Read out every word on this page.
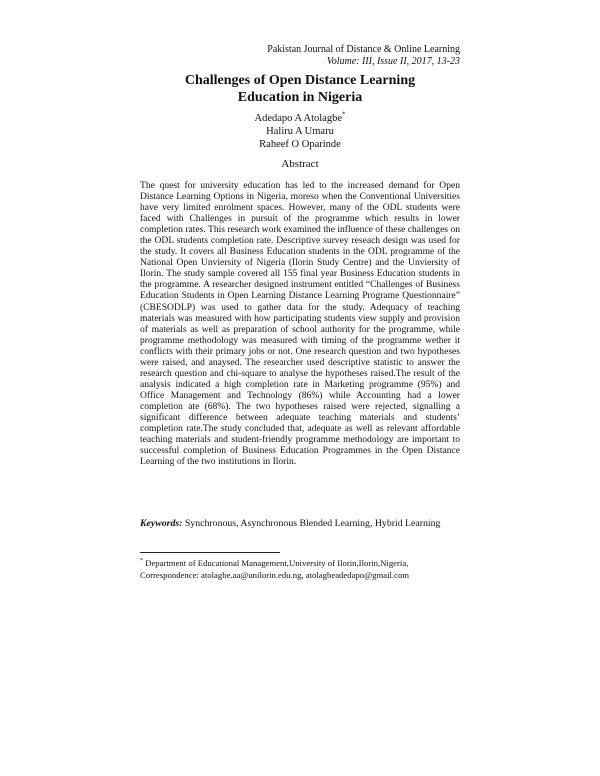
Pakistan Journal of Distance & Online Learning
Volume: III, Issue II, 2017, 13-23
Challenges of Open Distance Learning
Education in Nigeria
Adedapo A Atolagbe*
Haliru A Umaru
Raheef O Oparinde
Abstract

The quest for university education has led to the increased demand for Open Distance Learning Options in Nigeria, moreso when the Conventional Universities have very limited enrolment spaces. However, many of the ODL students were faced with Challenges in pursuit of the programme which results in lower completion rates. This research work examined the influence of these challenges on the ODL students completion rate. Descriptive survey reseach design was used for the study. It covers all Business Education students in the ODL programme of the National Open Unviersity of Nigeria (Ilorin Study Centre) and the Unviersity of Ilorin. The study sample covered all 155 final year Business Education students in the programme. A researcher designed instrument entitled “Challenges of Business Education Students in Open Learning Distance Learning Programe Questionnaire” (CBESODLP) was used to gather data for the study. Adequacy of teaching materials was measured with how participating students view supply and provision of materials as well as preparation of school authority for the programme, while programme methodology was measured with timing of the programme wether it conflicts with their primary jobs or not. One research question and two hypotheses were raised, and anaysed. The researcher used descriptive statistic to answer the research question and chi-square to analyse the hypotheses raised.The result of the analysis indicated a high completion rate in Marketing programme (95%) and Office Management and Technology (86%) while Accounting had a lower completion ate (68%). The two hypotheses raised were rejected, signalling a significant difference between adequate teaching materials and students’ completion rate.The study concluded that, adequate as well as relevant affordable teaching materials and student-friendly programme methodology are important to successful completion of Business Education Programmes in the Open Distance Learning of the two institutions in Ilorin.

Keywords: Synchronous, Asynchronous Blended Learning, Hybrid Learning
* Department of Educational Management,University of Ilorin,Ilorin,Nigeria,
Correspondence: atolagbe.aa@unilorin.edu.ng, atolagbeadedapo@gmail.com
